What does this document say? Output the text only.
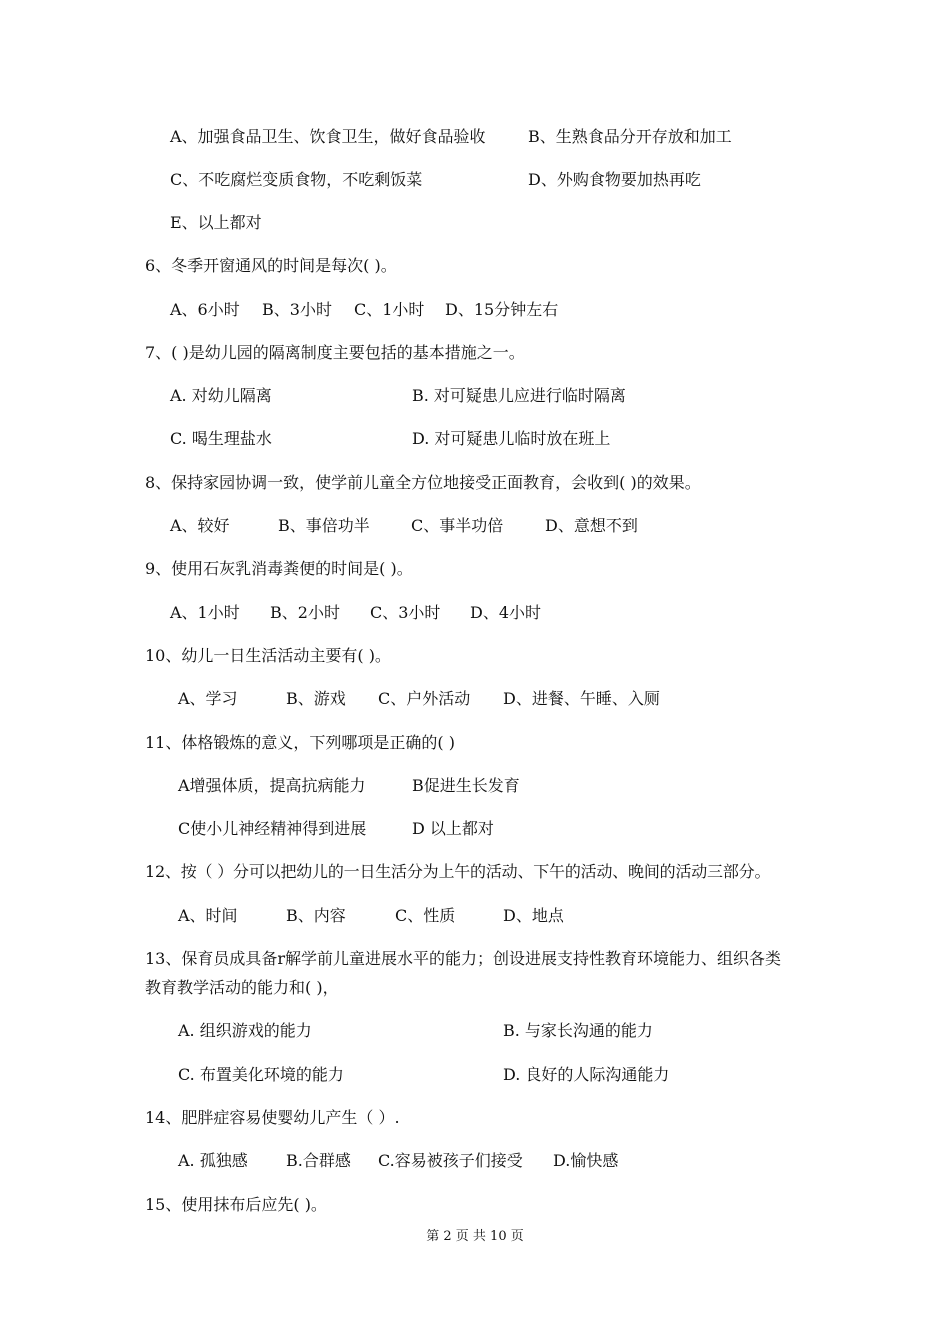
A、加强食品卫生、饮食卫生，做好食品验收	B、生熟食品分开存放和加工
C、不吃腐烂变质食物，不吃剩饭菜	D、外购食物要加热再吃
E、以上都对
6、冬季开窗通风的时间是每次( )。
A、6小时 B、3小时 C、1小时 D、15分钟左右
7、( )是幼儿园的隔离制度主要包括的基本措施之一。
A. 对幼儿隔离	B. 对可疑患儿应进行临时隔离
C. 喝生理盐水	D. 对可疑患儿临时放在班上
8、保持家园协调一致，使学前儿童全方位地接受正面教育，会收到( )的效果。
A、较好	B、事倍功半	C、事半功倍	D、意想不到
9、使用石灰乳消毒粪便的时间是( )。
A、1小时 B、2小时 C、3小时 D、4小时
10、幼儿一日生活活动主要有( )。
A、学习	B、游戏 C、户外活动 D、进餐、午睡、入厕
11、体格锻炼的意义，下列哪项是正确的( )
A增强体质，提高抗病能力	B促进生长发育
C使小儿神经精神得到进展	D 以上都对
12、按（ ）分可以把幼儿的一日生活分为上午的活动、下午的活动、晚间的活动三部分。
A、时间	B、内容	C、性质	D、地点
13、保育员成具备r解学前儿童进展水平的能力；创设进展支持性教育环境能力、组织各类
教育教学活动的能力和( )，
A. 组织游戏的能力	B. 与家长沟通的能力
C. 布置美化环境的能力	D. 良好的人际沟通能力
14、肥胖症容易使婴幼儿产生（ ）.
A. 孤独感 B.合群感 C.容易被孩子们接受 D.愉快感
15、使用抹布后应先( )。
第 2 页 共 10 页
